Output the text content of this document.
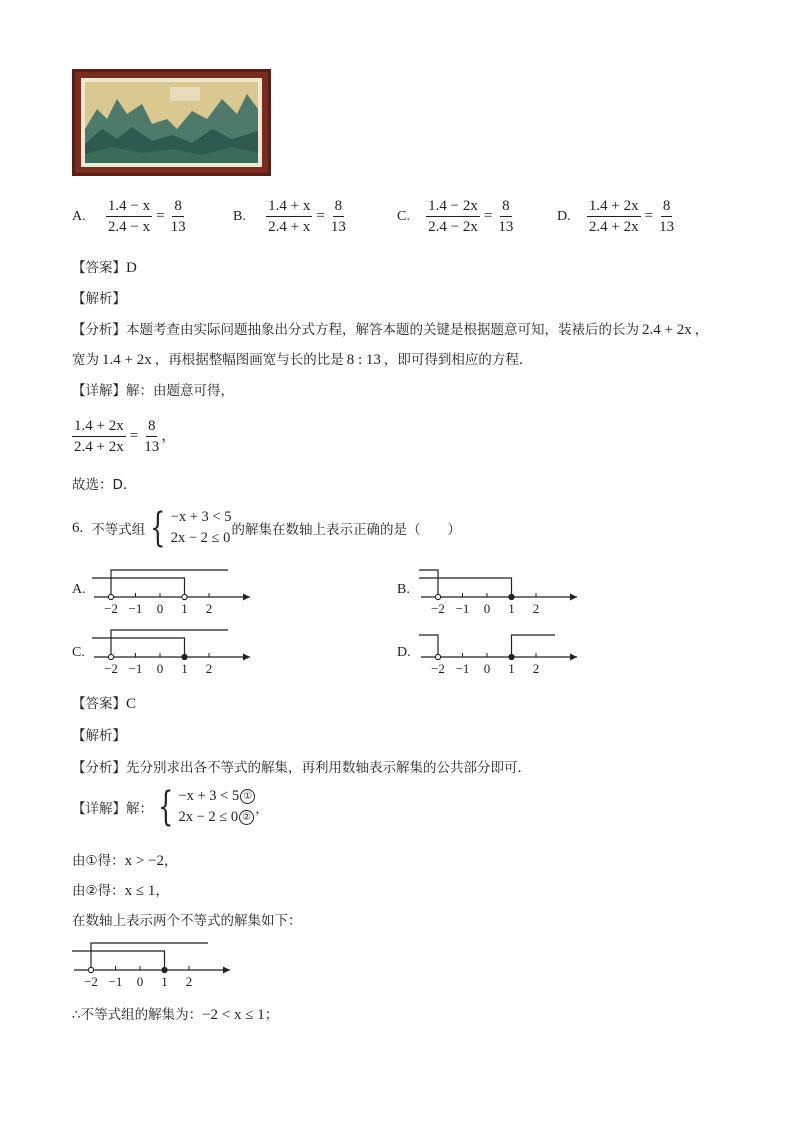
A. $\frac{1.4 - x}{2.4 - x} = \frac{8}{13}$	B. $\frac{1.4 + x}{2.4 + x} = \frac{8}{13}$	C. $\frac{1.4 - 2x}{2.4 - 2x} = \frac{8}{13}$	D. $\frac{1.4 + 2x}{2.4 + 2x} = \frac{8}{13}$
【答案】D
【解析】
【分析】本题考查由实际问题抽象出分式方程，解答本题的关键是根据题意可知，装裱后的长为 2.4 + 2x ，
宽为 1.4 + 2x ，再根据整幅图画宽与长的比是 8 : 13 ，即可得到相应的方程．
【详解】解：由题意可得，
$\frac{1.4 + 2x}{2.4 + 2x} = \frac{8}{13}$ ，
故选：D．
6. 不等式组 { −x + 3 < 5
2x − 2 ≤ 0 的解集在数轴上表示正确的是（　　）
A.
【答案】C
【解析】
【分析】先分别求出各不等式的解集，再利用数轴表示解集的公共部分即可．
【详解】 解： { −x + 3 < 5 ①
2x − 2 ≤ 0 ②
，
由①得：x > −2，
由②得：x ≤ 1，
在数轴上表示两个不等式的解集如下：
∴不等式组的解集为：−2 < x ≤ 1；
−2 −1 0 1 2	−2 −1 0 1 2
−2 −1 0 1 2	−2 −1 0 1 2
−2 −1 0 1 2
B.
C.	D.
